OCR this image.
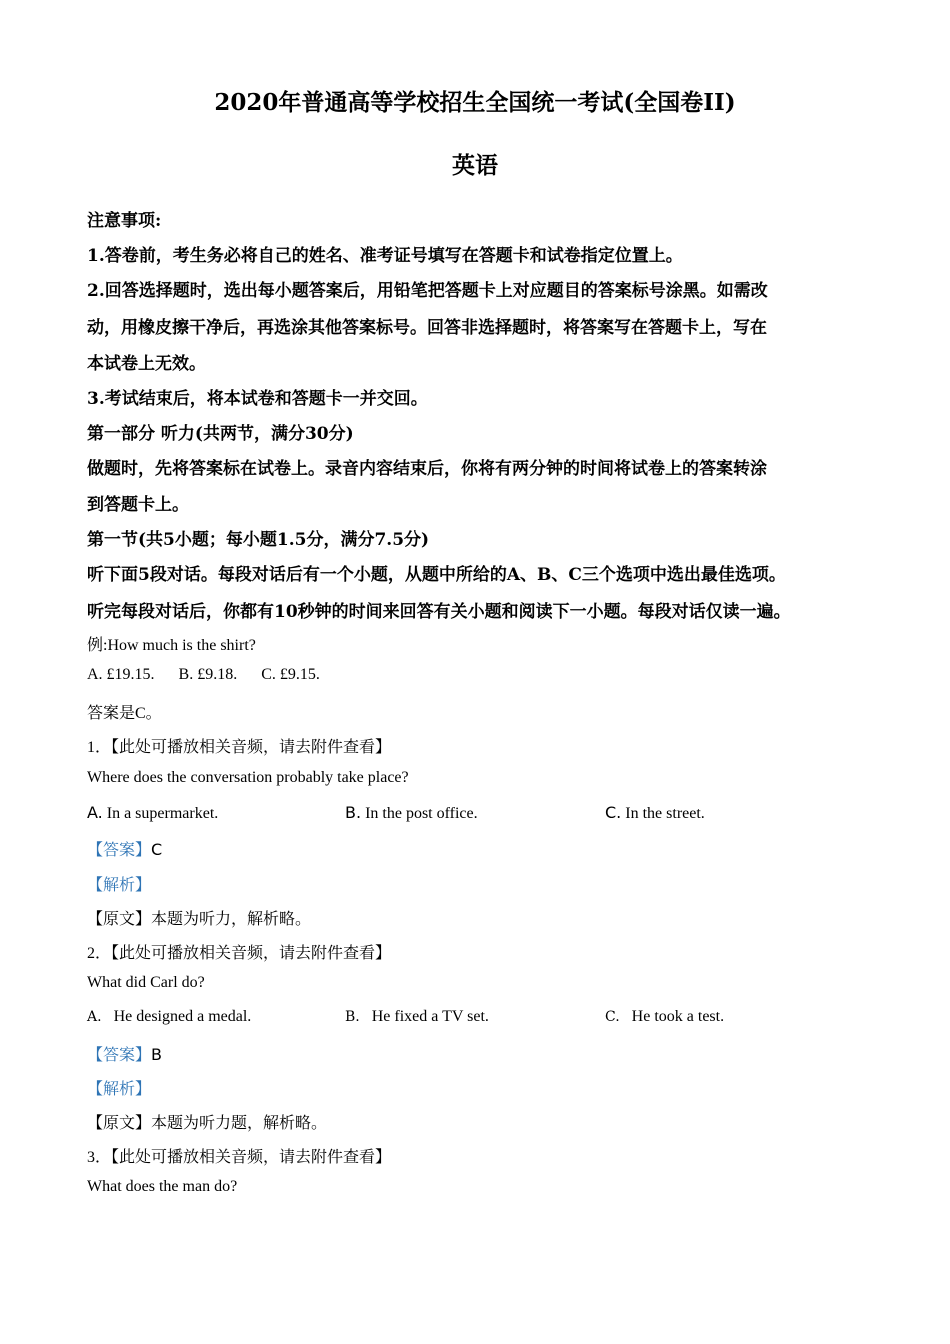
2020年普通高等学校招生全国统一考试(全国卷II)
英语
注意事项:
1.答卷前，考生务必将自己的姓名、准考证号填写在答题卡和试卷指定位置上。
2.回答选择题时，选出每小题答案后，用铅笔把答题卡上对应题目的答案标号涂黑。如需改
动，用橡皮擦干净后，再选涂其他答案标号。回答非选择题时，将答案写在答题卡上，写在
本试卷上无效。
3.考试结束后，将本试卷和答题卡一并交回。
第一部分 听力(共两节，满分30分)
做题时，先将答案标在试卷上。录音内容结束后，你将有两分钟的时间将试卷上的答案转涂
到答题卡上。
第一节(共5小题；每小题1.5分，满分7.5分)
听下面5段对话。每段对话后有一个小题，从题中所给的A、B、C三个选项中选出最佳选项。
听完每段对话后，你都有10秒钟的时间来回答有关小题和阅读下一小题。每段对话仅读一遍。
例:How much is the shirt?
A. £19.15.      B. £9.18.      C. £9.15.
答案是C。
1．【此处可播放相关音频，请去附件查看】
Where does the conversation probably take place?
A. In a supermarket.	B. In the post office.	C. In the street.
【答案】C
【解析】
【原文】本题为听力，解析略。
2．【此处可播放相关音频，请去附件查看】
What did Carl do?
A. He designed a medal.	B. He fixed a TV set.	C. He took a test.
【答案】B
【解析】
【原文】本题为听力题，解析略。
3．【此处可播放相关音频，请去附件查看】
What does the man do?
